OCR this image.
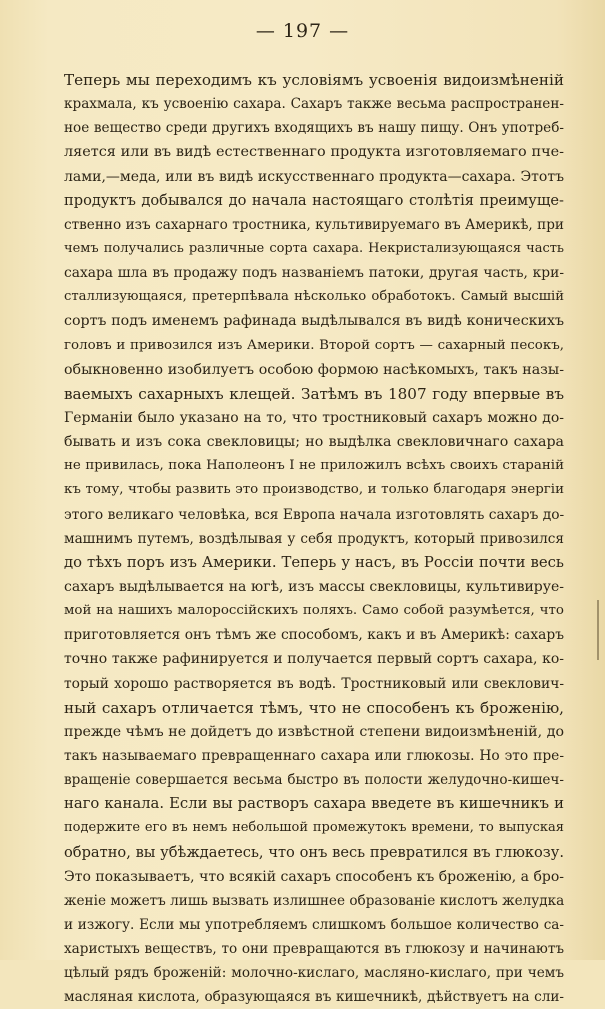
— 197 —
Теперь мы переходимъ къ условiямъ усвоенiя видоизмѣненiй
крахмала, къ усвоенiю сахара. Сахаръ также весьма распространен-
ное вещество среди другихъ входящихъ въ нашу пищу. Онъ употреб-
ляется или въ видѣ естественнаго продукта изготовляемаго пче-
лами,—меда, или въ видѣ искусственнаго продукта—сахара. Этотъ
продуктъ добывался до начала настоящаго столѣтiя преимуще-
ственно изъ сахарнаго тростника, культивируемаго въ Америкѣ, при
чемъ получались различные сорта сахара. Некристализующаяся часть
сахара шла въ продажу подъ названiемъ патоки, другая часть, кри-
сталлизующаяся, претерпѣвала нѣсколько обработокъ. Самый высшiй
сортъ подъ именемъ рафинада выдѣлывался въ видѣ коническихъ
головъ и привозился изъ Америки. Второй сортъ — сахарный песокъ,
обыкновенно изобилуетъ особою формою насѣкомыхъ, такъ назы-
ваемыхъ сахарныхъ клещей. Затѣмъ въ 1807 году впервые въ
Германiи было указано на то, что тростниковый сахаръ можно до-
бывать и изъ сока свекловицы; но выдѣлка свекловичнаго сахара
не привилась, пока Наполеонъ I не приложилъ всѣхъ своихъ старанiй
къ тому, чтобы развить это производство, и только благодаря энергiи
этого великаго человѣка, вся Европа начала изготовлять сахаръ до-
машнимъ путемъ, воздѣлывая у себя продуктъ, который привозился
до тѣхъ поръ изъ Америки. Теперь у насъ, въ Россiи почти весь
сахаръ выдѣлывается на югѣ, изъ массы свекловицы, культивируе-
мой на нашихъ малороссiйскихъ поляхъ. Само собой разумѣется, что
приготовляется онъ тѣмъ же способомъ, какъ и въ Америкѣ: сахаръ
точно также рафинируется и получается первый сортъ сахара, ко-
торый хорошо растворяется въ водѣ. Тростниковый или свеклович-
ный сахаръ отличается тѣмъ, что не способенъ къ броженiю,
прежде чѣмъ не дойдетъ до извѣстной степени видоизмѣненiй, до
такъ называемаго превращеннаго сахара или глюкозы. Но это пре-
вращенiе совершается весьма быстро въ полости желудочно-кишеч-
наго канала. Если вы растворъ сахара введете въ кишечникъ и
подержите его въ немъ небольшой промежутокъ времени, то выпуская
обратно, вы убѣждаетесь, что онъ весь превратился въ глюкозу.
Это показываетъ, что всякiй сахаръ способенъ къ броженiю, а бро-
женiе можетъ лишь вызвать излишнее образованiе кислотъ желудка
и изжогу. Если мы употребляемъ слишкомъ большое количество са-
харистыхъ веществъ, то они превращаются въ глюкозу и начинаютъ
цѣлый рядъ броженiй: молочно-кислаго, масляно-кислаго, при чемъ
масляная кислота, образующаяся въ кишечникѣ, дѣйствуетъ на сли-
